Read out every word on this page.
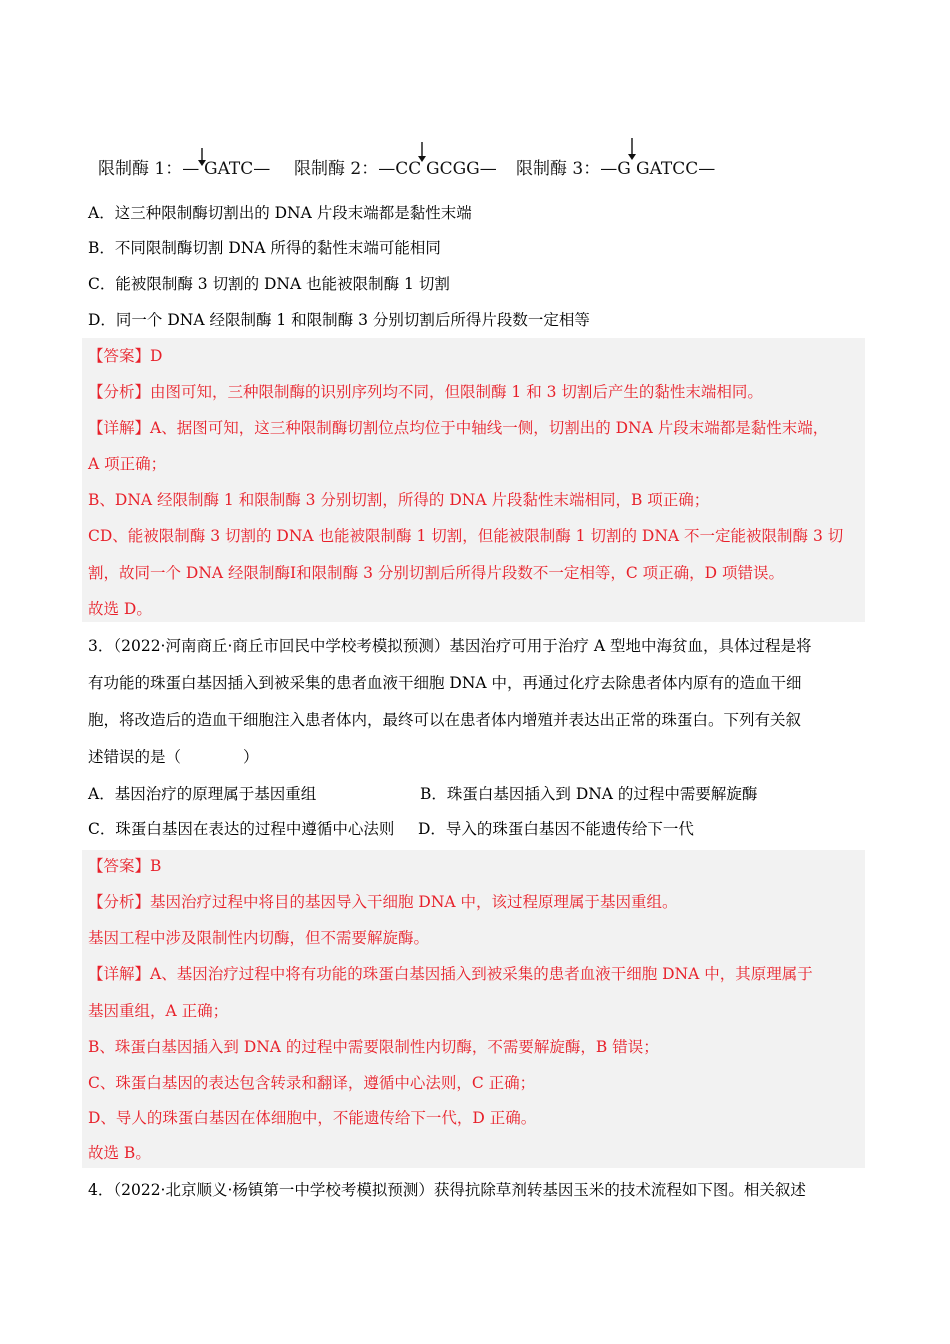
限制酶 1：— GATC— 限制酶 2：—CC GCGG— 限制酶 3：—G GATCC—
A．这三种限制酶切割出的 DNA 片段末端都是黏性末端
B．不同限制酶切割 DNA 所得的黏性末端可能相同
C．能被限制酶 3 切割的 DNA 也能被限制酶 1 切割
D．同一个 DNA 经限制酶 1 和限制酶 3 分别切割后所得片段数一定相等
【答案】D
【分析】由图可知，三种限制酶的识别序列均不同，但限制酶 1 和 3 切割后产生的黏性末端相同。
【详解】A、据图可知，这三种限制酶切割位点均位于中轴线一侧，切割出的 DNA 片段末端都是黏性末端，
A 项正确；
B、DNA 经限制酶 1 和限制酶 3 分别切割，所得的 DNA 片段黏性末端相同，B 项正确；
CD、能被限制酶 3 切割的 DNA 也能被限制酶 1 切割，但能被限制酶 1 切割的 DNA 不一定能被限制酶 3 切
割，故同一个 DNA 经限制酶Ⅰ和限制酶 3 分别切割后所得片段数不一定相等，C 项正确，D 项错误。
故选 D。
3．（2022·河南商丘·商丘市回民中学校考模拟预测）基因治疗可用于治疗 A 型地中海贫血，具体过程是将
有功能的珠蛋白基因插入到被采集的患者血液干细胞 DNA 中，再通过化疗去除患者体内原有的造血干细
胞，将改造后的造血干细胞注入患者体内，最终可以在患者体内增殖并表达出正常的珠蛋白。下列有关叙
述错误的是（　　　　）
A．基因治疗的原理属于基因重组	B．珠蛋白基因插入到 DNA 的过程中需要解旋酶
C．珠蛋白基因在表达的过程中遵循中心法则 D．导入的珠蛋白基因不能遗传给下一代
【答案】B
【分析】基因治疗过程中将目的基因导入干细胞 DNA 中，该过程原理属于基因重组。
基因工程中涉及限制性内切酶，但不需要解旋酶。
【详解】A、基因治疗过程中将有功能的珠蛋白基因插入到被采集的患者血液干细胞 DNA 中，其原理属于
基因重组，A 正确；
B、珠蛋白基因插入到 DNA 的过程中需要限制性内切酶，不需要解旋酶，B 错误；
C、珠蛋白基因的表达包含转录和翻译，遵循中心法则，C 正确；
D、导人的珠蛋白基因在体细胞中，不能遗传给下一代，D 正确。
故选 B。
4．（2022·北京顺义·杨镇第一中学校考模拟预测）获得抗除草剂转基因玉米的技术流程如下图。相关叙述
